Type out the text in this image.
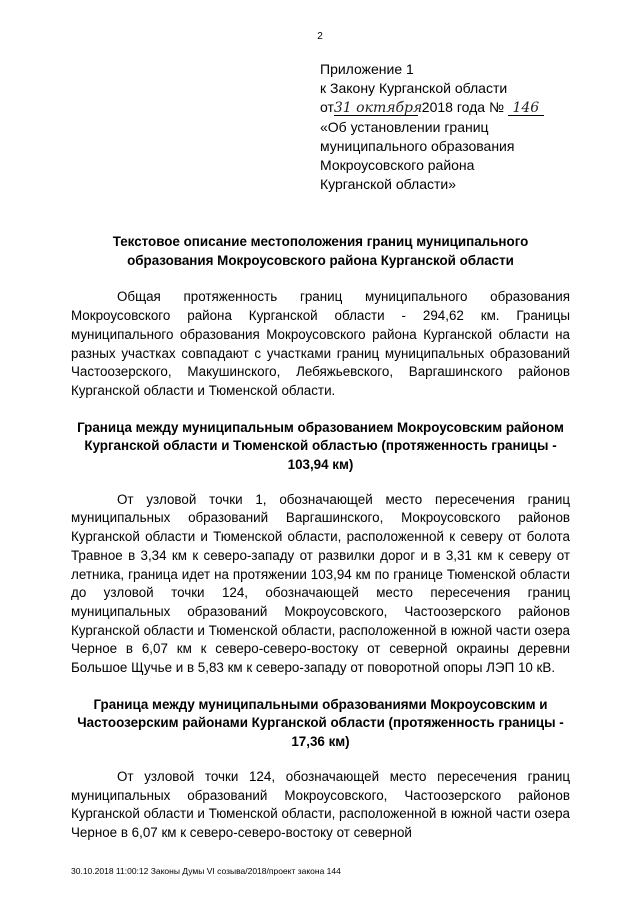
2
Приложение 1
к Закону Курганской области
от31 октября 2018 года № 146
«Об установлении границ
муниципального образования
Мокроусовского района
Курганской области»

Текстовое описание местоположения границ муниципального образования Мокроусовского района Курганской области

Общая протяженность границ муниципального образования Мокроусовского района Курганской области - 294,62 км. Границы муниципального образования Мокроусовского района Курганской области на разных участках совпадают с участками границ муниципальных образований Частоозерского, Макушинского, Лебяжьевского, Варгашинского районов Курганской области и Тюменской области.

Граница между муниципальным образованием Мокроусовским районом Курганской области и Тюменской областью (протяженность границы - 103,94 км)

От узловой точки 1, обозначающей место пересечения границ муниципальных образований Варгашинского, Мокроусовского районов Курганской области и Тюменской области, расположенной к северу от болота Травное в 3,34 км к северо-западу от развилки дорог и в 3,31 км к северу от летника, граница идет на протяжении 103,94 км по границе Тюменской области до узловой точки 124, обозначающей место пересечения границ муниципальных образований Мокроусовского, Частоозерского районов Курганской области и Тюменской области, расположенной в южной части озера Черное в 6,07 км к северо-северо-востоку от северной окраины деревни Большое Щучье и в 5,83 км к северо-западу от поворотной опоры ЛЭП 10 кВ.

Граница между муниципальными образованиями Мокроусовским и Частоозерским районами Курганской области (протяженность границы - 17,36 км)

От узловой точки 124, обозначающей место пересечения границ муниципальных образований Мокроусовского, Частоозерского районов Курганской области и Тюменской области, расположенной в южной части озера Черное в 6,07 км к северо-северо-востоку от северной

30.10.2018 11:00:12 Законы Думы VI созыва/2018/проект закона 144
